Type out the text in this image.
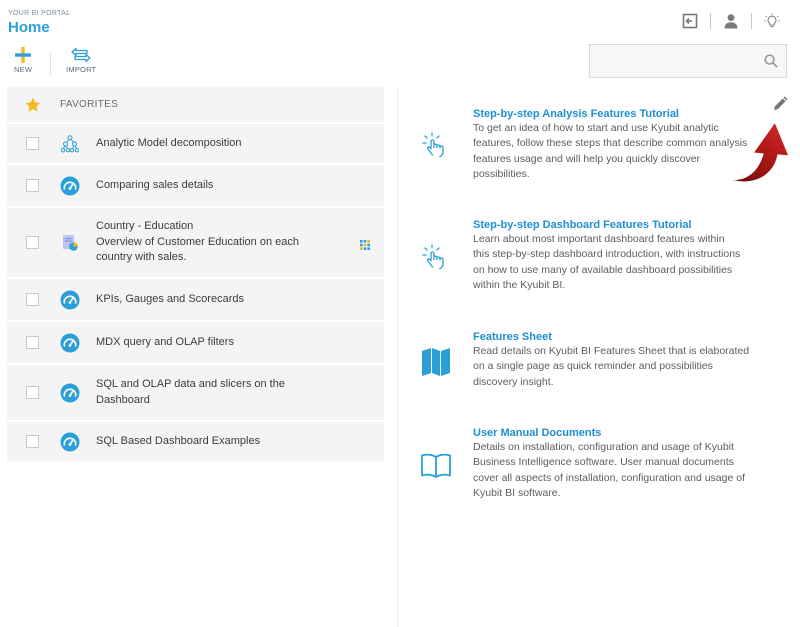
YOUR BI PORTAL
Home
NEW	IMPORT
FAVORITES
Analytic Model decomposition
Comparing sales details
Country - Education
Overview of Customer Education on each
country with sales.
KPIs, Gauges and Scorecards
MDX query and OLAP filters
SQL and OLAP data and slicers on the
Dashboard
SQL Based Dashboard Examples
Step-by-step Analysis Features Tutorial
To get an idea of how to start and use Kyubit analytic
features, follow these steps that describe common analysis
features usage and will help you quickly discover
possibilities.
Step-by-step Dashboard Features Tutorial
Learn about most important dashboard features within
this step-by-step dashboard introduction, with instructions
on how to use many of available dashboard possibilities
within the Kyubit BI.
Features Sheet
Read details on Kyubit BI Features Sheet that is elaborated
on a single page as quick reminder and possibilities
discovery insight.
User Manual Documents
Details on installation, configuration and usage of Kyubit
Business Intelligence software. User manual documents
cover all aspects of installation, configuration and usage of
Kyubit BI software.
